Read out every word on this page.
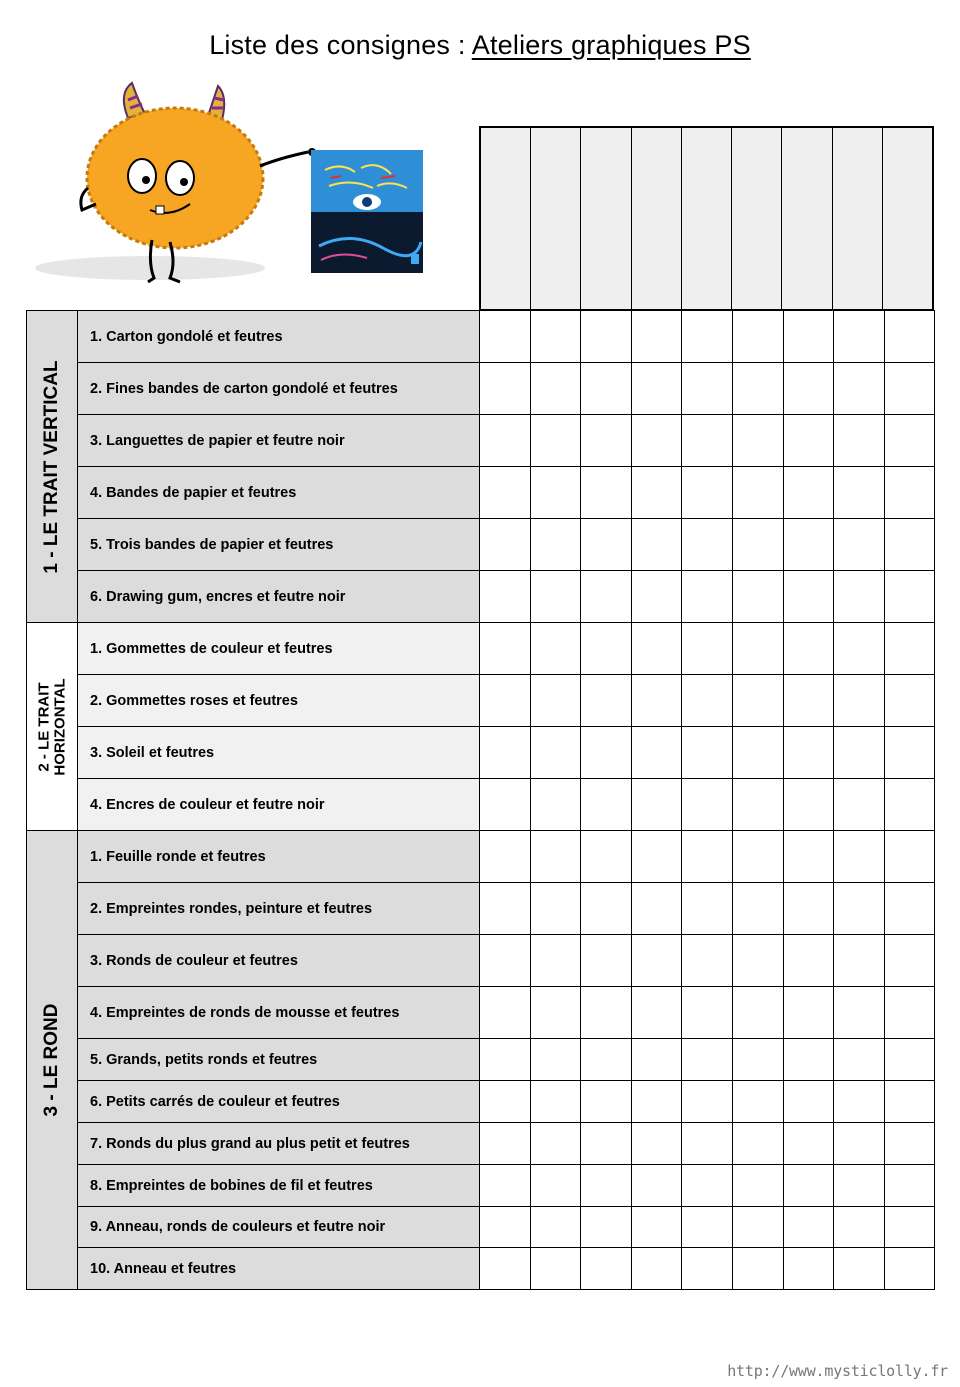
Liste des consignes : Ateliers graphiques PS
1 - LE TRAIT VERTICAL	1. Carton gondolé et feutres									
	2. Fines bandes de carton gondolé et feutres									
	3. Languettes de papier et feutre noir									
	4. Bandes de papier et feutres									
	5. Trois bandes de papier et feutres									
	6. Drawing gum, encres et feutre noir									

2 - LE TRAIT
HORIZONTAL	1. Gommettes de couleur et feutres									
	2. Gommettes roses et feutres									
	3. Soleil et feutres									
	4. Encres de couleur et feutre noir									

3 - LE ROND	1. Feuille ronde et feutres									
	2. Empreintes rondes, peinture et feutres									
	3. Ronds de couleur et feutres									
	4. Empreintes de ronds de mousse et feutres									
	5. Grands, petits ronds et feutres									
	6. Petits carrés de couleur et feutres									
	7. Ronds du plus grand au plus petit et feutres									
	8. Empreintes de bobines de fil et feutres									
	9. Anneau, ronds de couleurs et feutre noir									
	10. Anneau et feutres									
http://www.mysticlolly.fr
